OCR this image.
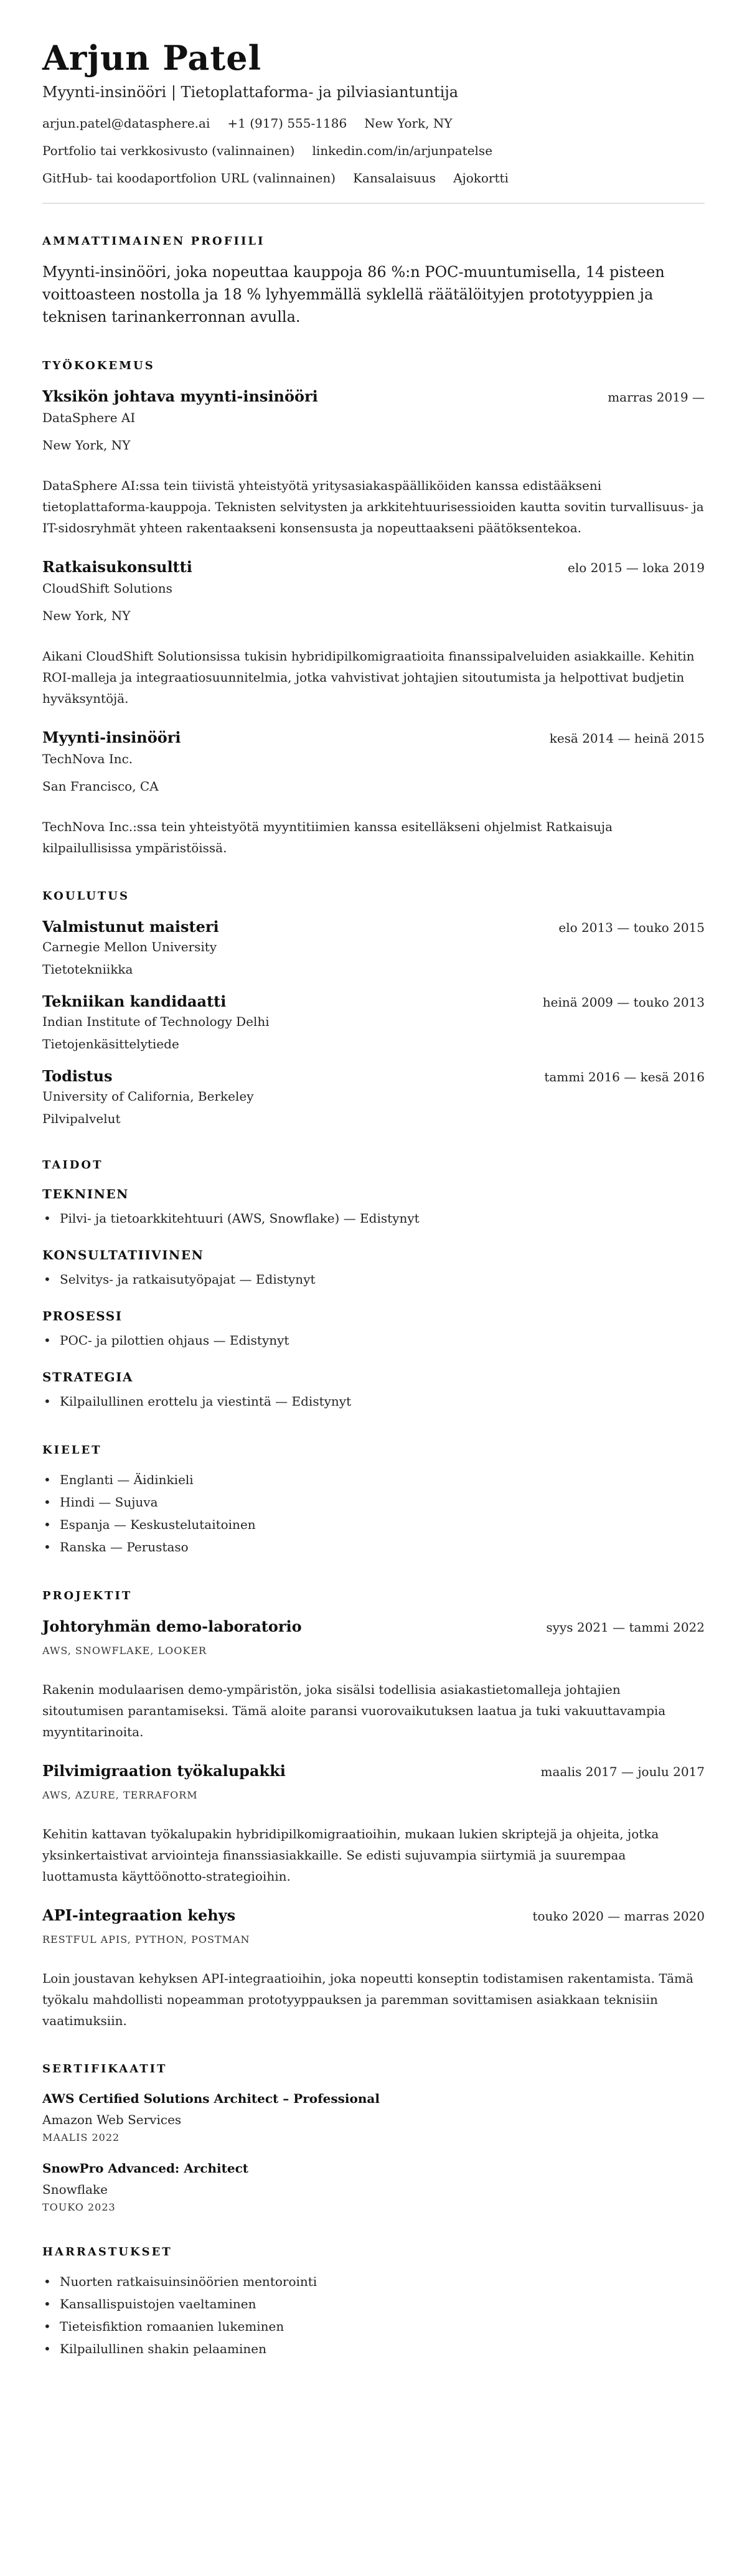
Arjun Patel
Myynti-insinööri | Tietoplattaforma- ja pilviasiantuntija
arjun.patel@datasphere.ai +1 (917) 555-1186 New York, NY
Portfolio tai verkkosivusto (valinnainen) linkedin.com/in/arjunpatelse
GitHub- tai koodaportfolion URL (valinnainen) Kansalaisuus Ajokortti
AMMATTIMAINEN PROFIILI

Myynti-insinööri, joka nopeuttaa kauppoja 86 %:n POC-muuntumisella, 14 pisteen voittoasteen nostolla ja 18 % lyhyemmällä syklellä räätälöityjen prototyyppien ja teknisen tarinankerronnan avulla.

TYÖKOKEMUS
Yksikön johtava myynti-insinööri	marras 2019 —
DataSphere AI
New York, NY

DataSphere AI:ssa tein tiivistä yhteistyötä yritysasiakaspäälliköiden kanssa edistääkseni tietoplattaforma-kauppoja. Teknisten selvitysten ja arkkitehtuurisessioiden kautta sovitin turvallisuus- ja IT-sidosryhmät yhteen rakentaakseni konsensusta ja nopeuttaakseni päätöksentekoa.

Ratkaisukonsultti	elo 2015 — loka 2019
CloudShift Solutions
New York, NY

Aikani CloudShift Solutionsissa tukisin hybridipilkomigraatioita finanssipalveluiden asiakkaille. Kehitin ROI-malleja ja integraatiosuunnitelmia, jotka vahvistivat johtajien sitoutumista ja helpottivat budjetin hyväksyntöjä.

Myynti-insinööri	kesä 2014 — heinä 2015
TechNova Inc.
San Francisco, CA

TechNova Inc.:ssa tein yhteistyötä myyntitiimien kanssa esitelläkseni ohjelmist Ratkaisuja kilpailullisissa ympäristöissä.

KOULUTUS
Valmistunut maisteri	elo 2013 — touko 2015
Carnegie Mellon University
Tietotekniikka
Tekniikan kandidaatti	heinä 2009 — touko 2013
Indian Institute of Technology Delhi
Tietojenkäsittelytiede
Todistus	tammi 2016 — kesä 2016
University of California, Berkeley
Pilvipalvelut
TAIDOT
TEKNINEN
• Pilvi- ja tietoarkkitehtuuri (AWS, Snowflake) — Edistynyt
KONSULTATIIVINEN
• Selvitys- ja ratkaisutyöpajat — Edistynyt
PROSESSI
• POC- ja pilottien ohjaus — Edistynyt
STRATEGIA
• Kilpailullinen erottelu ja viestintä — Edistynyt
KIELET
• Englanti — Äidinkieli
• Hindi — Sujuva
• Espanja — Keskustelutaitoinen
• Ranska — Perustaso
PROJEKTIT
Johtoryhmän demo-laboratorio	syys 2021 — tammi 2022
AWS, SNOWFLAKE, LOOKER

Rakenin modulaarisen demo-ympäristön, joka sisälsi todellisia asiakastietomalleja johtajien sitoutumisen parantamiseksi. Tämä aloite paransi vuorovaikutuksen laatua ja tuki vakuuttavampia myyntitarinoita.

Pilvimigraation työkalupakki	maalis 2017 — joulu 2017
AWS, AZURE, TERRAFORM

Kehitin kattavan työkalupakin hybridipilkomigraatioihin, mukaan lukien skriptejä ja ohjeita, jotka yksinkertaistivat arviointeja finanssiasiakkaille. Se edisti sujuvampia siirtymiä ja suurempaa luottamusta käyttöönotto-strategioihin.

API-integraation kehys	touko 2020 — marras 2020
RESTFUL APIS, PYTHON, POSTMAN

Loin joustavan kehyksen API-integraatioihin, joka nopeutti konseptin todistamisen rakentamista. Tämä työkalu mahdollisti nopeamman prototyyppauksen ja paremman sovittamisen asiakkaan teknisiin vaatimuksiin.

SERTIFIKAATIT
AWS Certified Solutions Architect – Professional
Amazon Web Services
MAALIS 2022
SnowPro Advanced: Architect
Snowflake
TOUKO 2023
HARRASTUKSET
• Nuorten ratkaisuinsinöörien mentorointi
• Kansallispuistojen vaeltaminen
• Tieteisfiktion romaanien lukeminen
• Kilpailullinen shakin pelaaminen
